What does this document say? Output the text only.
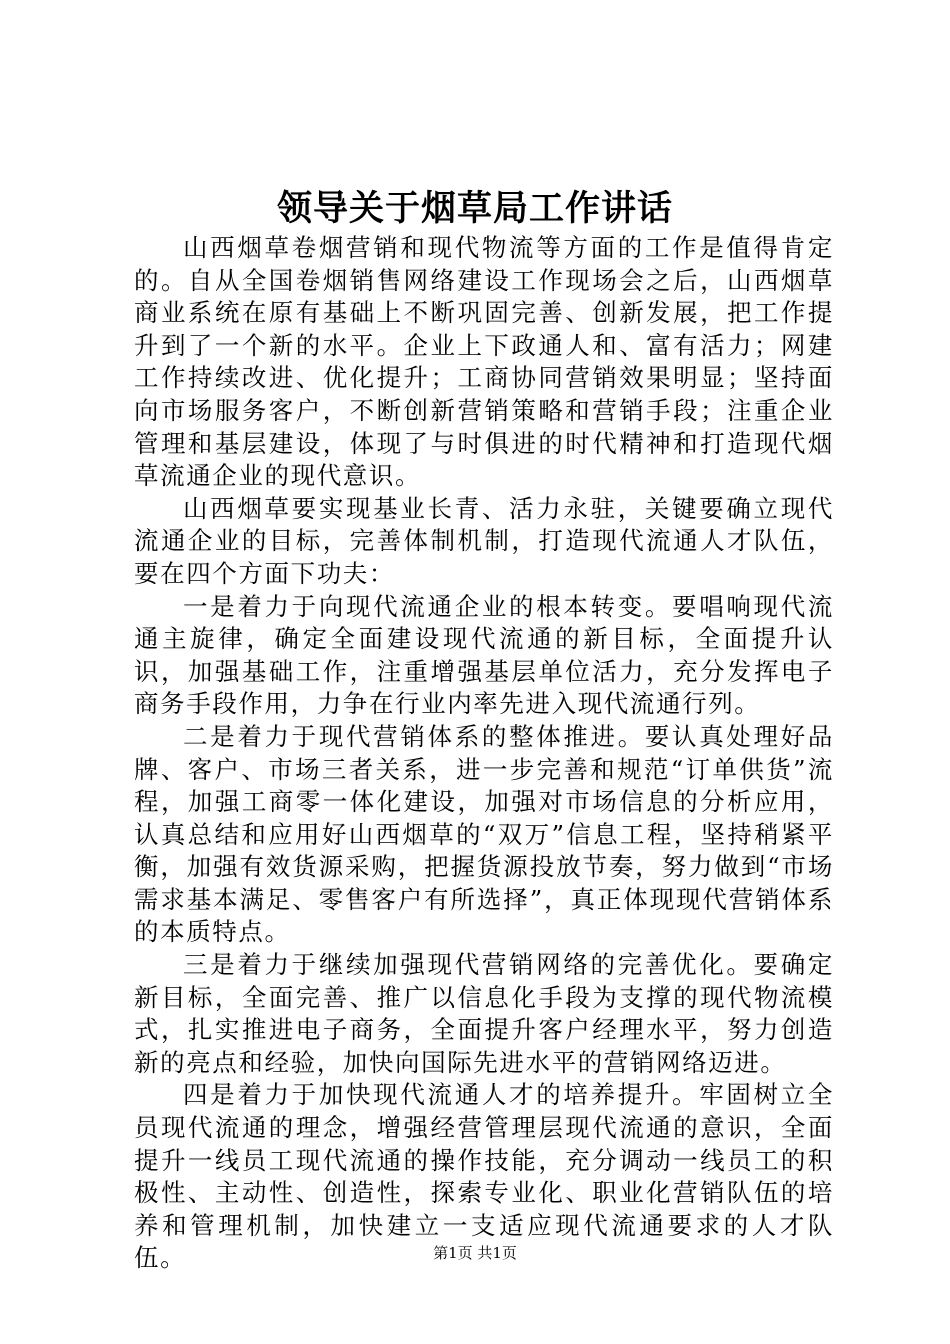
领导关于烟草局工作讲话

山西烟草卷烟营销和现代物流等方面的工作是值得肯定的。自从全国卷烟销售网络建设工作现场会之后，山西烟草商业系统在原有基础上不断巩固完善、创新发展，把工作提升到了一个新的水平。企业上下政通人和、富有活力；网建工作持续改进、优化提升；工商协同营销效果明显；坚持面向市场服务客户，不断创新营销策略和营销手段；注重企业管理和基层建设，体现了与时俱进的时代精神和打造现代烟草流通企业的现代意识。

山西烟草要实现基业长青、活力永驻，关键要确立现代流通企业的目标，完善体制机制，打造现代流通人才队伍，要在四个方面下功夫：

一是着力于向现代流通企业的根本转变。要唱响现代流通主旋律，确定全面建设现代流通的新目标，全面提升认识，加强基础工作，注重增强基层单位活力，充分发挥电子商务手段作用，力争在行业内率先进入现代流通行列。

二是着力于现代营销体系的整体推进。要认真处理好品牌、客户、市场三者关系，进一步完善和规范“订单供货”流程，加强工商零一体化建设，加强对市场信息的分析应用，认真总结和应用好山西烟草的“双万”信息工程，坚持稍紧平衡，加强有效货源采购，把握货源投放节奏，努力做到“市场需求基本满足、零售客户有所选择”，真正体现现代营销体系的本质特点。

三是着力于继续加强现代营销网络的完善优化。要确定新目标，全面完善、推广以信息化手段为支撑的现代物流模式，扎实推进电子商务，全面提升客户经理水平，努力创造新的亮点和经验，加快向国际先进水平的营销网络迈进。

四是着力于加快现代流通人才的培养提升。牢固树立全员现代流通的理念，增强经营管理层现代流通的意识，全面提升一线员工现代流通的操作技能，充分调动一线员工的积极性、主动性、创造性，探索专业化、职业化营销队伍的培养和管理机制，加快建立一支适应现代流通要求的人才队伍。	第1页 共1页
